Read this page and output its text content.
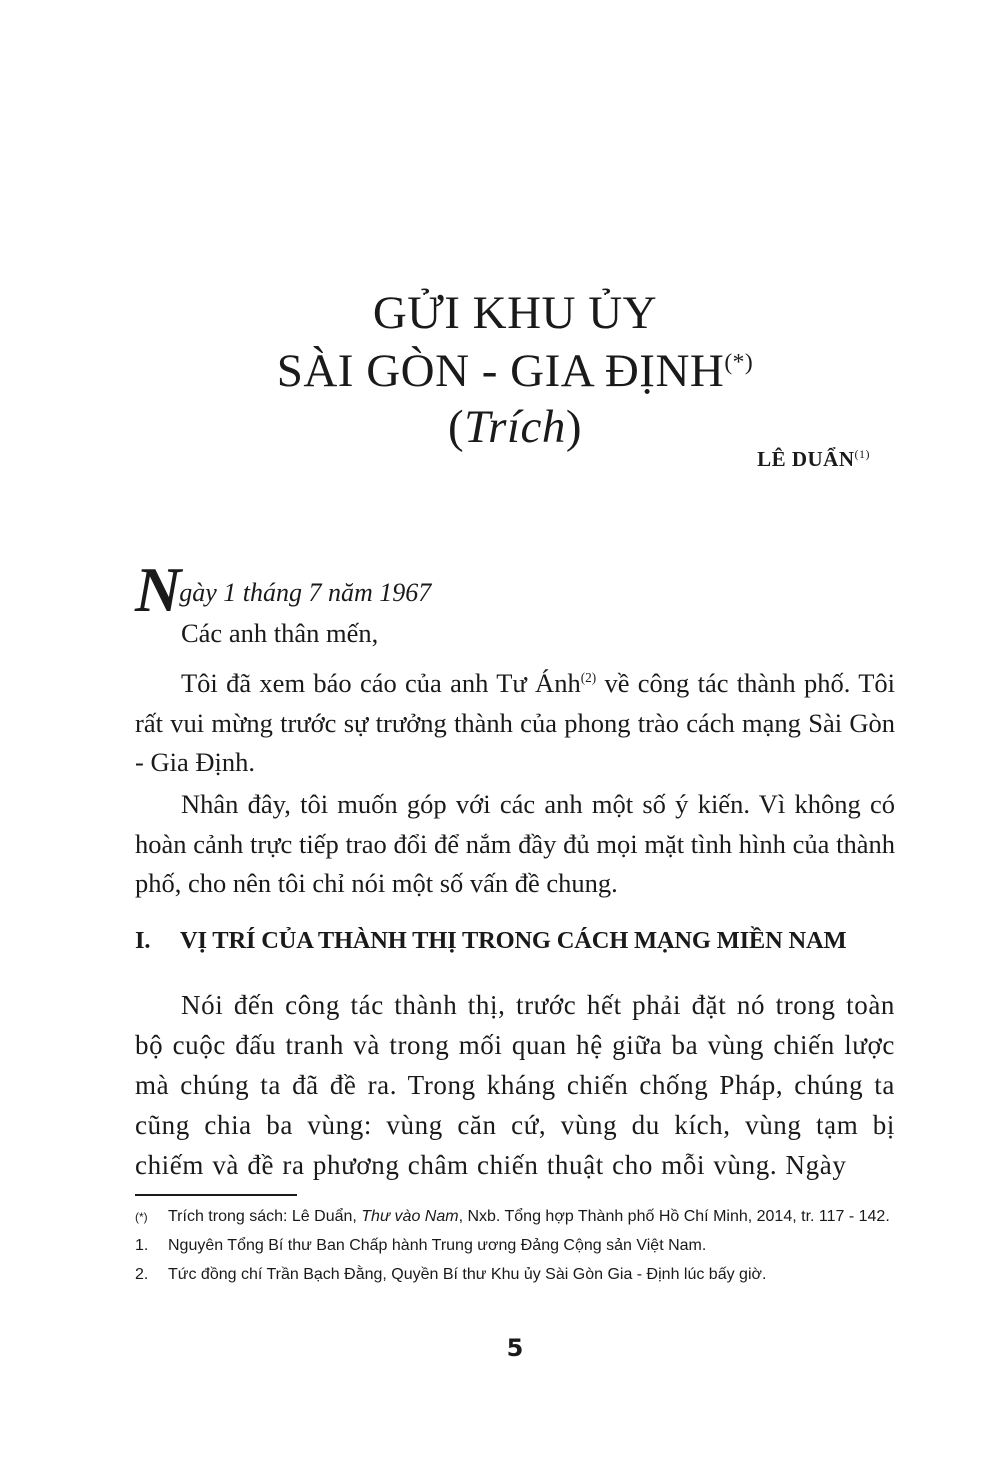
GỬI KHU ỦY
SÀI GÒN - GIA ĐỊNH(*)
(Trích)
LÊ DUẨN$^{(1)}$
Ngày 1 tháng 7 năm 1967
Các anh thân mến,
Tôi đã xem báo cáo của anh Tư Ánh$^{(2)}$ về công tác thành phố. Tôi rất vui mừng trước sự trưởng thành của phong trào cách mạng Sài Gòn - Gia Định.
Nhân đây, tôi muốn góp với các anh một số ý kiến. Vì không có hoàn cảnh trực tiếp trao đổi để nắm đầy đủ mọi mặt tình hình của thành phố, cho nên tôi chỉ nói một số vấn đề chung.
I. VỊ TRÍ CỦA THÀNH THỊ TRONG CÁCH MẠNG MIỀN NAM
Nói đến công tác thành thị, trước hết phải đặt nó trong toàn bộ cuộc đấu tranh và trong mối quan hệ giữa ba vùng chiến lược mà chúng ta đã đề ra. Trong kháng chiến chống Pháp, chúng ta cũng chia ba vùng: vùng căn cứ, vùng du kích, vùng tạm bị chiếm và đề ra phương châm chiến thuật cho mỗi vùng. Ngày
(*)	Trích trong sách: Lê Duẩn, Thư vào Nam, Nxb. Tổng hợp Thành phố Hồ Chí Minh, 2014, tr. 117 - 142.
1.	Nguyên Tổng Bí thư Ban Chấp hành Trung ương Đảng Cộng sản Việt Nam.
2.	Tức đồng chí Trần Bạch Đằng, Quyền Bí thư Khu ủy Sài Gòn Gia - Định lúc bấy giờ.
5
